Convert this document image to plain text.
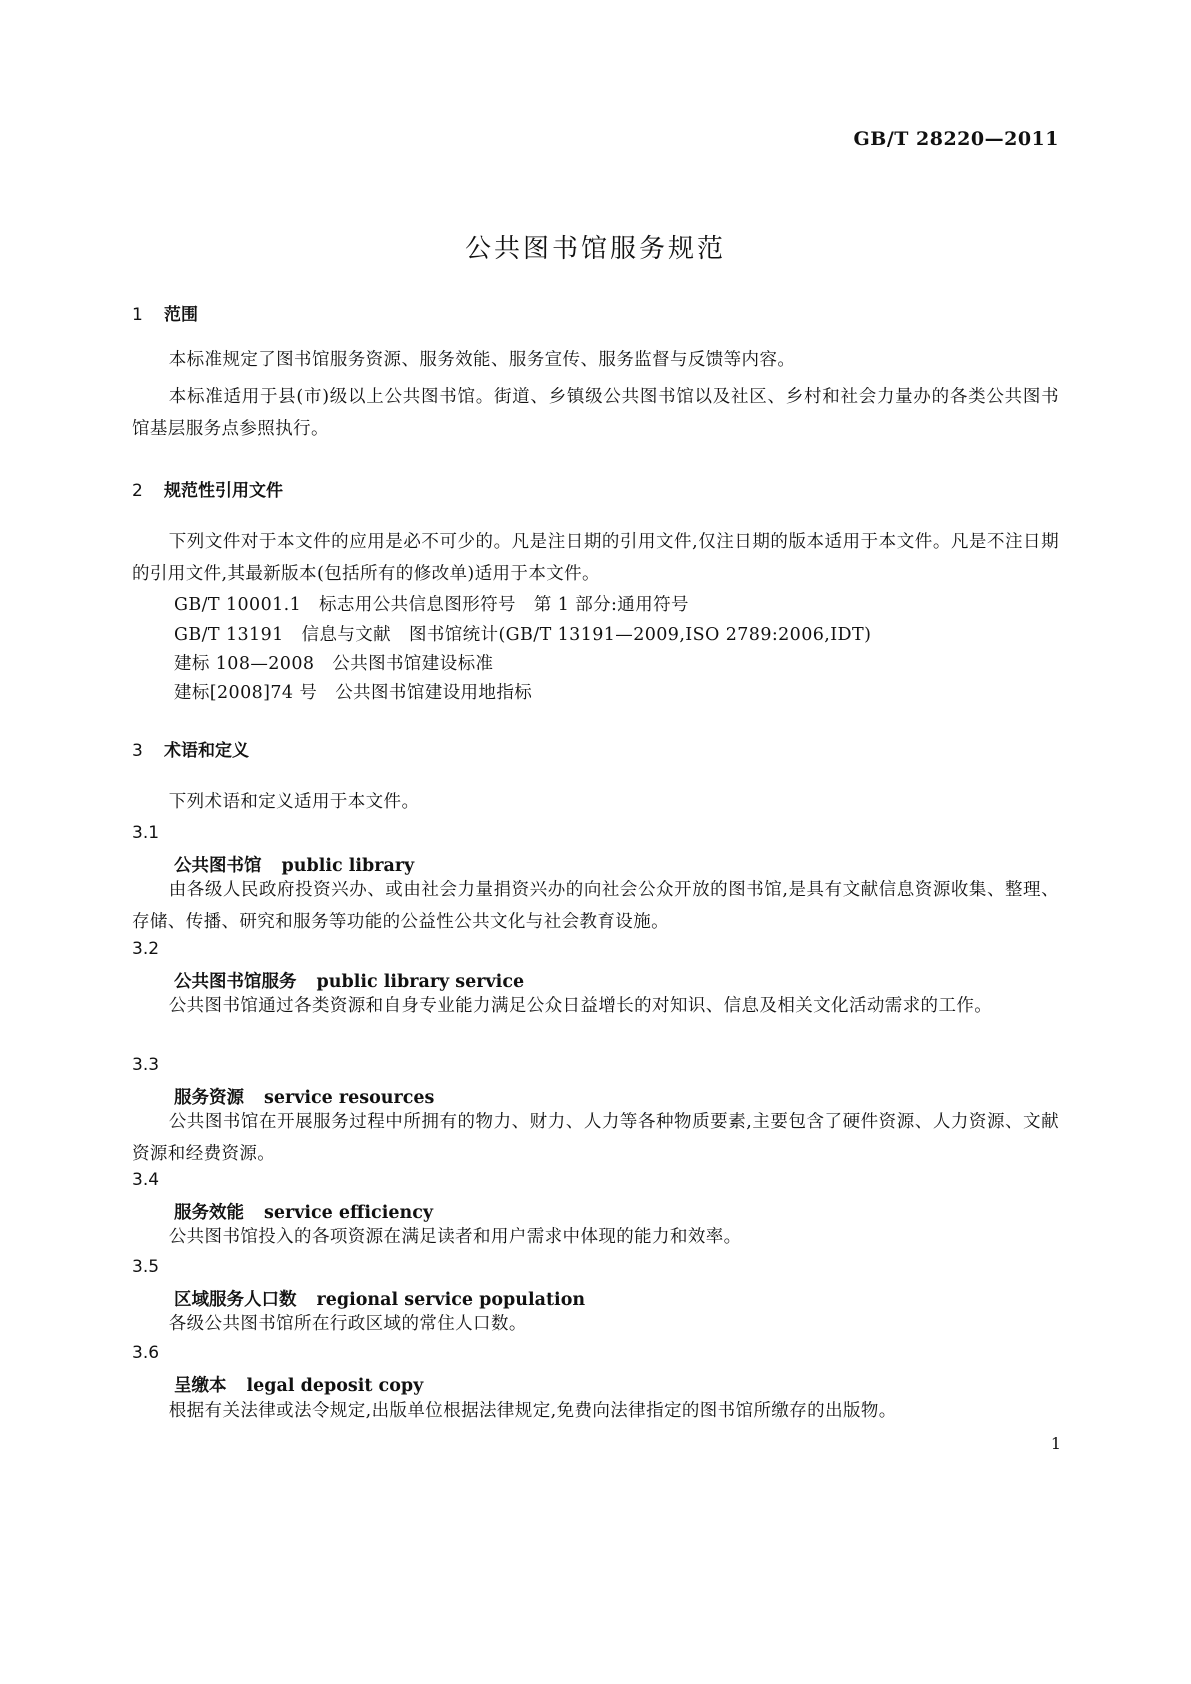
GB/T 28220—2011
公共图书馆服务规范
1 范围
本标准规定了图书馆服务资源、服务效能、服务宣传、服务监督与反馈等内容。
本标准适用于县(市)级以上公共图书馆。街道、乡镇级公共图书馆以及社区、乡村和社会力量办的各类公共图书馆基层服务点参照执行。
2 规范性引用文件
下列文件对于本文件的应用是必不可少的。凡是注日期的引用文件,仅注日期的版本适用于本文件。凡是不注日期的引用文件,其最新版本(包括所有的修改单)适用于本文件。
GB/T 10001.1　标志用公共信息图形符号　第 1 部分:通用符号
GB/T 13191　信息与文献　图书馆统计(GB/T 13191—2009,ISO 2789:2006,IDT)
建标 108—2008　公共图书馆建设标准
建标[2008]74 号　公共图书馆建设用地指标
3 术语和定义
下列术语和定义适用于本文件。
3.1
公共图书馆 public library
由各级人民政府投资兴办、或由社会力量捐资兴办的向社会公众开放的图书馆,是具有文献信息资源收集、整理、存储、传播、研究和服务等功能的公益性公共文化与社会教育设施。
3.2
公共图书馆服务 public library service
公共图书馆通过各类资源和自身专业能力满足公众日益增长的对知识、信息及相关文化活动需求的工作。
3.3
服务资源 service resources
公共图书馆在开展服务过程中所拥有的物力、财力、人力等各种物质要素,主要包含了硬件资源、人力资源、文献资源和经费资源。
3.4
服务效能 service efficiency
公共图书馆投入的各项资源在满足读者和用户需求中体现的能力和效率。
3.5
区域服务人口数 regional service population
各级公共图书馆所在行政区域的常住人口数。
3.6
呈缴本 legal deposit copy
根据有关法律或法令规定,出版单位根据法律规定,免费向法律指定的图书馆所缴存的出版物。
1
